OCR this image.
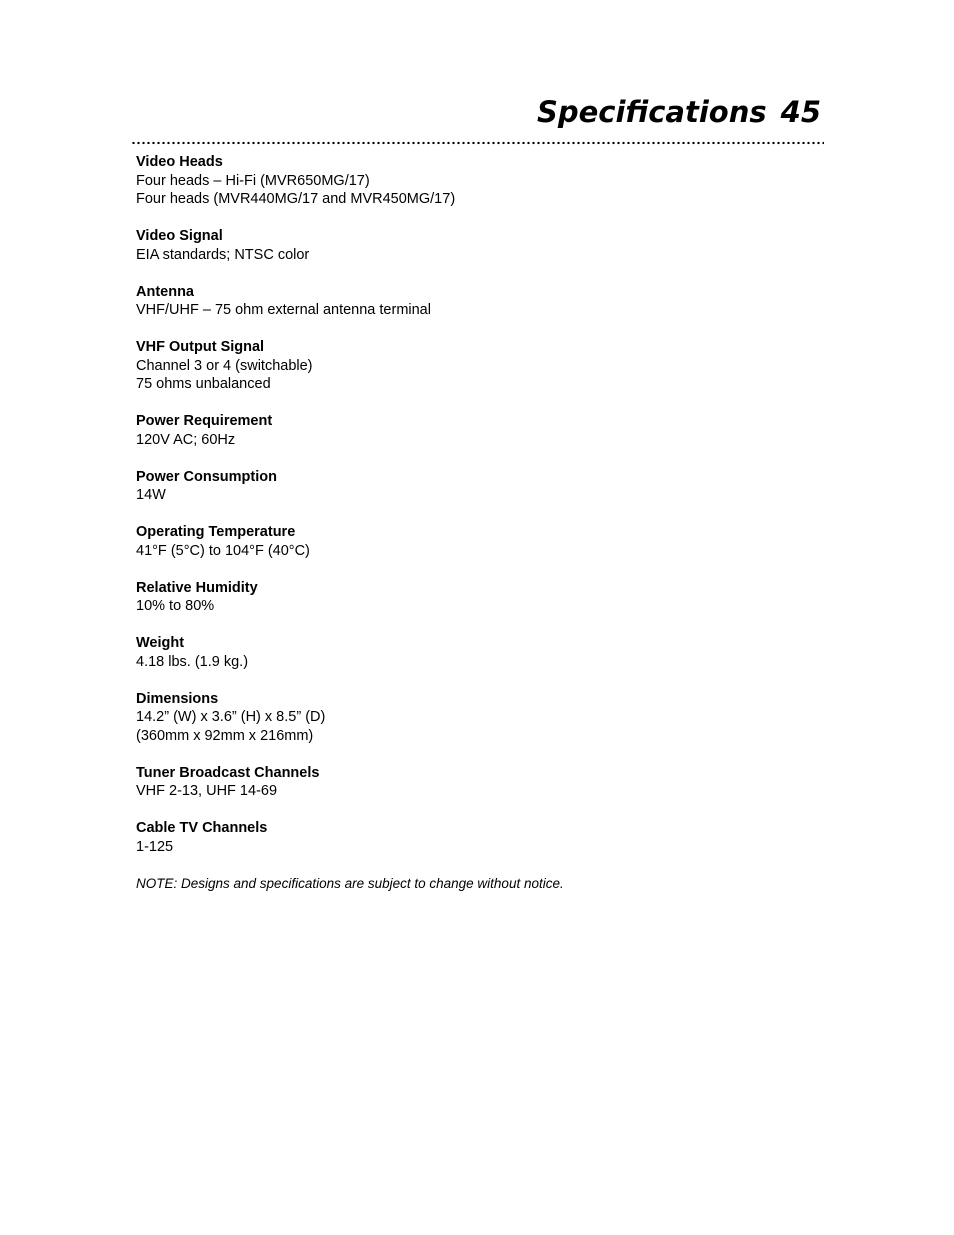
Specifications 45
Video Heads
Four heads – Hi-Fi (MVR650MG/17)
Four heads (MVR440MG/17 and MVR450MG/17)
Video Signal
EIA standards; NTSC color
Antenna
VHF/UHF – 75 ohm external antenna terminal
VHF Output Signal
Channel 3 or 4 (switchable)
75 ohms unbalanced
Power Requirement
120V AC; 60Hz
Power Consumption
14W
Operating Temperature
41°F (5°C) to 104°F (40°C)
Relative Humidity
10% to 80%
Weight
4.18 lbs. (1.9 kg.)
Dimensions
14.2” (W) x 3.6” (H) x 8.5” (D)
(360mm x 92mm x 216mm)
Tuner Broadcast Channels
VHF 2-13, UHF 14-69
Cable TV Channels
1-125
NOTE: Designs and specifications are subject to change without notice.
